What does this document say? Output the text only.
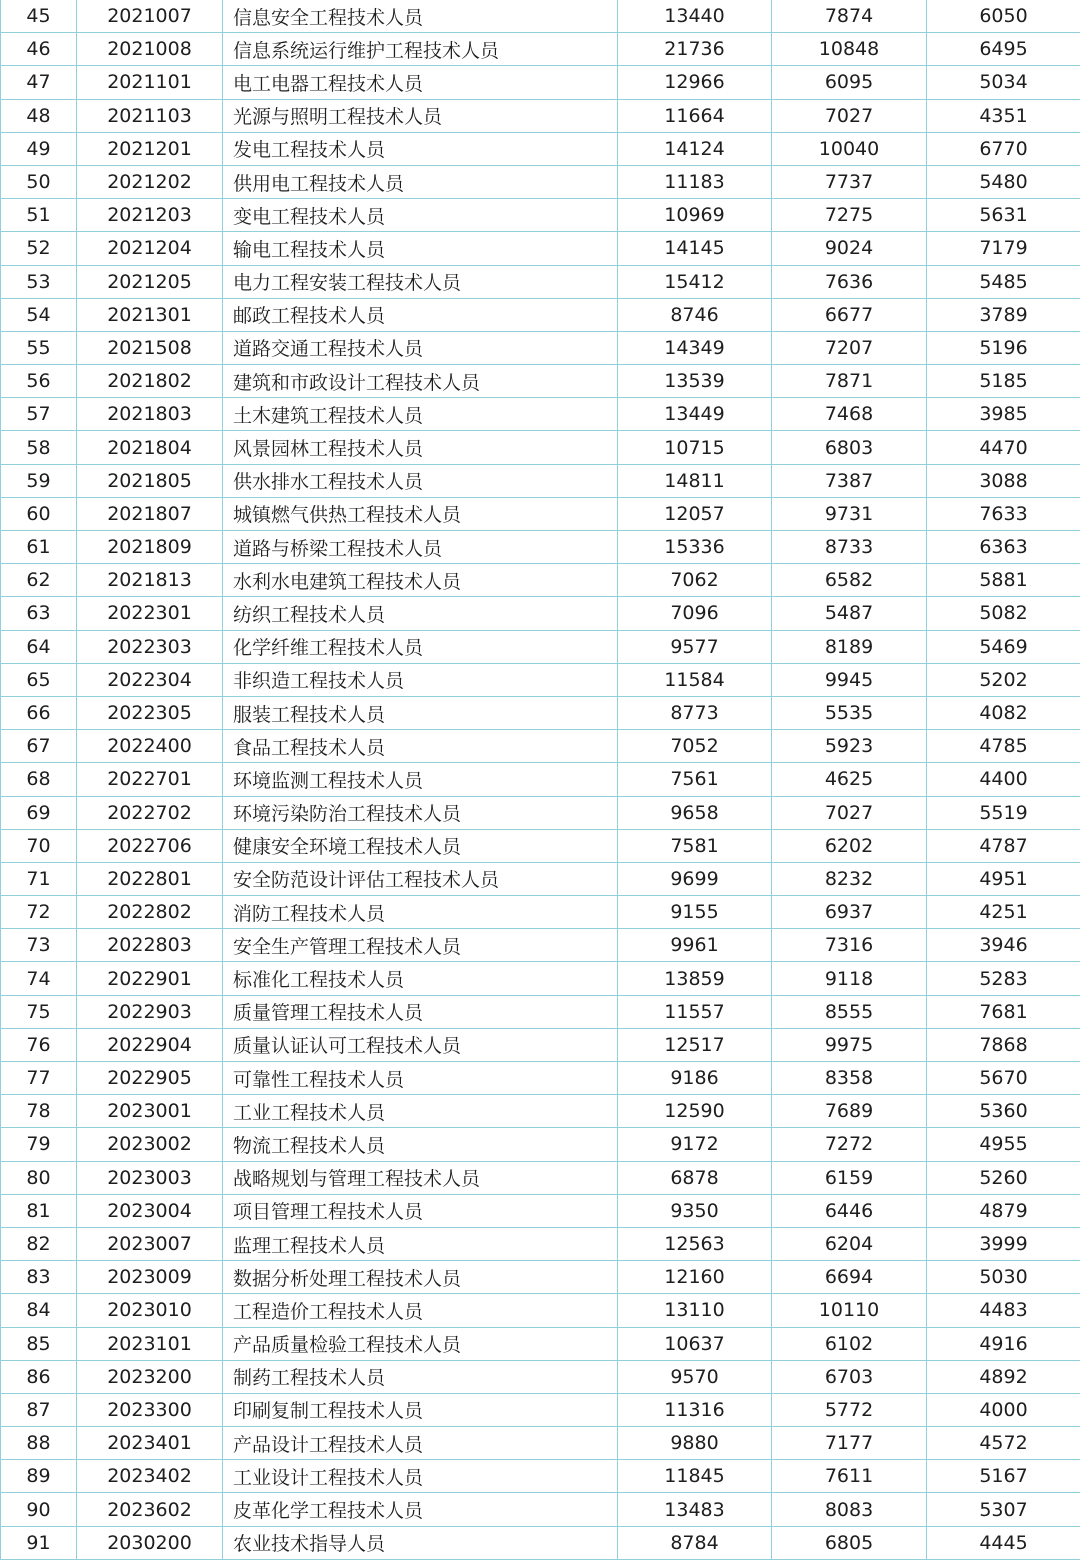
45	2021007	信息安全工程技术人员	13440	7874	6050
46	2021008	信息系统运行维护工程技术人员	21736	10848	6495
47	2021101	电工电器工程技术人员	12966	6095	5034
48	2021103	光源与照明工程技术人员	11664	7027	4351
49	2021201	发电工程技术人员	14124	10040	6770
50	2021202	供用电工程技术人员	11183	7737	5480
51	2021203	变电工程技术人员	10969	7275	5631
52	2021204	输电工程技术人员	14145	9024	7179
53	2021205	电力工程安装工程技术人员	15412	7636	5485
54	2021301	邮政工程技术人员	8746	6677	3789
55	2021508	道路交通工程技术人员	14349	7207	5196
56	2021802	建筑和市政设计工程技术人员	13539	7871	5185
57	2021803	土木建筑工程技术人员	13449	7468	3985
58	2021804	风景园林工程技术人员	10715	6803	4470
59	2021805	供水排水工程技术人员	14811	7387	3088
60	2021807	城镇燃气供热工程技术人员	12057	9731	7633
61	2021809	道路与桥梁工程技术人员	15336	8733	6363
62	2021813	水利水电建筑工程技术人员	7062	6582	5881
63	2022301	纺织工程技术人员	7096	5487	5082
64	2022303	化学纤维工程技术人员	9577	8189	5469
65	2022304	非织造工程技术人员	11584	9945	5202
66	2022305	服装工程技术人员	8773	5535	4082
67	2022400	食品工程技术人员	7052	5923	4785
68	2022701	环境监测工程技术人员	7561	4625	4400
69	2022702	环境污染防治工程技术人员	9658	7027	5519
70	2022706	健康安全环境工程技术人员	7581	6202	4787
71	2022801	安全防范设计评估工程技术人员	9699	8232	4951
72	2022802	消防工程技术人员	9155	6937	4251
73	2022803	安全生产管理工程技术人员	9961	7316	3946
74	2022901	标准化工程技术人员	13859	9118	5283
75	2022903	质量管理工程技术人员	11557	8555	7681
76	2022904	质量认证认可工程技术人员	12517	9975	7868
77	2022905	可靠性工程技术人员	9186	8358	5670
78	2023001	工业工程技术人员	12590	7689	5360
79	2023002	物流工程技术人员	9172	7272	4955
80	2023003	战略规划与管理工程技术人员	6878	6159	5260
81	2023004	项目管理工程技术人员	9350	6446	4879
82	2023007	监理工程技术人员	12563	6204	3999
83	2023009	数据分析处理工程技术人员	12160	6694	5030
84	2023010	工程造价工程技术人员	13110	10110	4483
85	2023101	产品质量检验工程技术人员	10637	6102	4916
86	2023200	制药工程技术人员	9570	6703	4892
87	2023300	印刷复制工程技术人员	11316	5772	4000
88	2023401	产品设计工程技术人员	9880	7177	4572
89	2023402	工业设计工程技术人员	11845	7611	5167
90	2023602	皮革化学工程技术人员	13483	8083	5307
91	2030200	农业技术指导人员	8784	6805	4445
